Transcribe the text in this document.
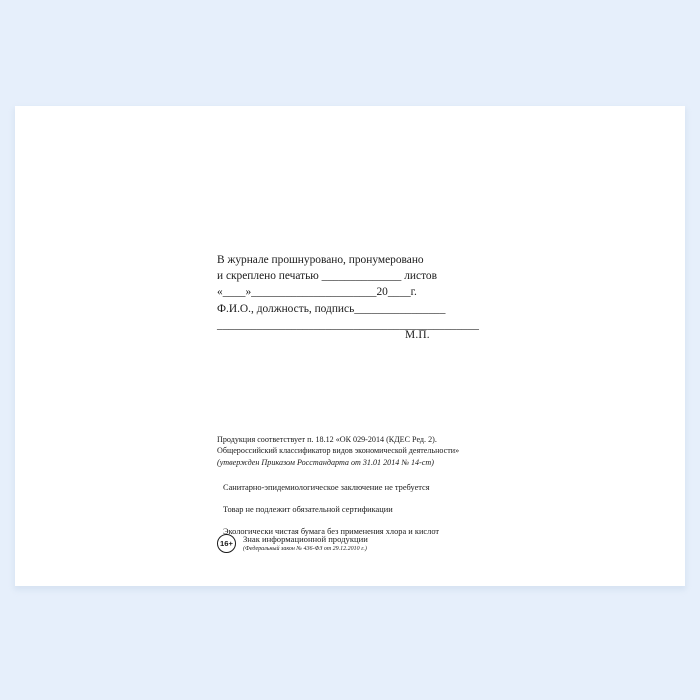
В журнале прошнуровано, пронумеровано
и скреплено печатью ______________ листов
«____»______________________20____г.
Ф.И.О., должность, подпись________________
______________________________________________
М.П.
Продукция соответствует п. 18.12 «ОК 029-2014 (КДЕС Ред. 2).
Общероссийский классификатор видов экономической деятельности»
(утвержден Приказом Росстандарта от 31.01 2014 № 14-ст)
Санитарно-эпидемиологическое заключение не требуется
Товар не подлежит обязательной сертификации
Экологически чистая бумага без применения хлора и кислот
16+	Знак информационной продукции
(Федеральный закон № 436-ФЗ от 29.12.2010 г.)
